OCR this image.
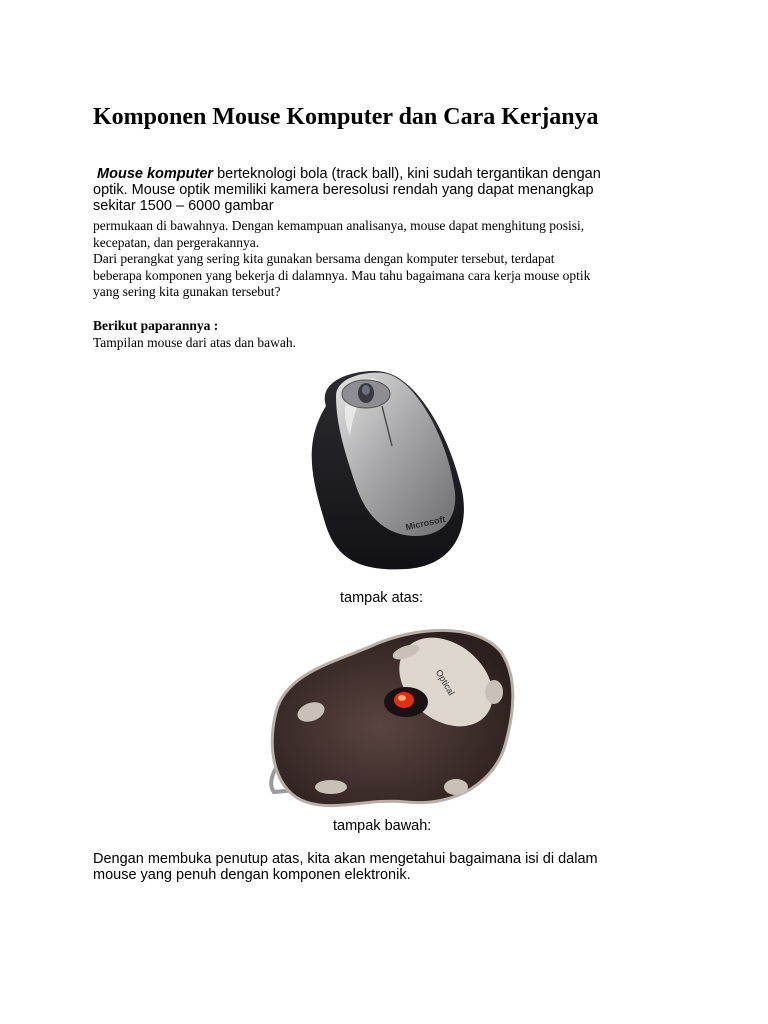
Komponen Mouse Komputer dan Cara Kerjanya

Mouse komputer berteknologi bola (track ball), kini sudah tergantikan dengan

optik. Mouse optik memiliki kamera beresolusi rendah yang dapat menangkap

sekitar 1500 – 6000 gambar

permukaan di bawahnya. Dengan kemampuan analisanya, mouse dapat menghitung posisi,

kecepatan, dan pergerakannya.

Dari perangkat yang sering kita gunakan bersama dengan komputer tersebut, terdapat

beberapa komponen yang bekerja di dalamnya. Mau tahu bagaimana cara kerja mouse optik

yang sering kita gunakan tersebut?

Berikut paparannya :

Tampilan mouse dari atas dan bawah.

Microsoft

tampak atas:

Optical

tampak bawah:

Dengan membuka penutup atas, kita akan mengetahui bagaimana isi di dalam

mouse yang penuh dengan komponen elektronik.
